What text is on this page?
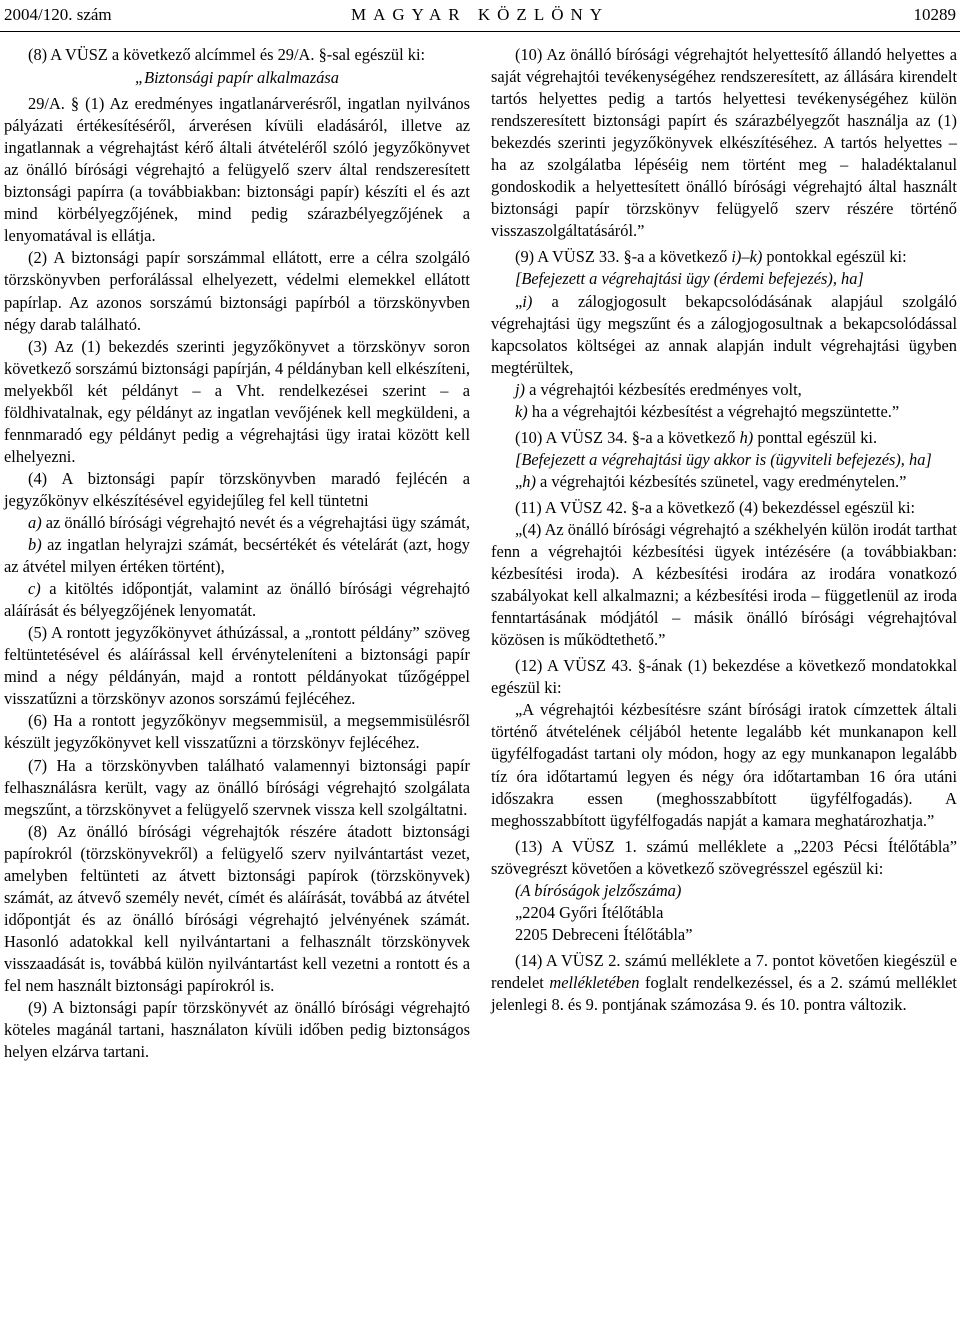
2004/120. szám	MAGYAR KÖZLÖNY	10289

(8) A VÜSZ a következő alcímmel és 29/A. §-sal egészül ki:

„Biztonsági papír alkalmazása

29/A. § (1) Az eredményes ingatlanárverésről, ingatlan nyilvános pályázati értékesítéséről, árverésen kívüli eladásáról, illetve az ingatlannak a végrehajtást kérő általi átvételéről szóló jegyzőkönyvet az önálló bírósági végrehajtó a felügyelő szerv által rendszeresített biztonsági papírra (a továbbiakban: biztonsági papír) készíti el és azt mind körbélyegzőjének, mind pedig szárazbélyegzőjének a lenyomatával is ellátja.

(2) A biztonsági papír sorszámmal ellátott, erre a célra szolgáló törzskönyvben perforálással elhelyezett, védelmi elemekkel ellátott papírlap. Az azonos sorszámú biztonsági papírból a törzskönyvben négy darab található.

(3) Az (1) bekezdés szerinti jegyzőkönyvet a törzskönyv soron következő sorszámú biztonsági papírján, 4 példányban kell elkészíteni, melyekből két példányt – a Vht. rendelkezései szerint – a földhivatalnak, egy példányt az ingatlan vevőjének kell megküldeni, a fennmaradó egy példányt pedig a végrehajtási ügy iratai között kell elhelyezni.

(4) A biztonsági papír törzskönyvben maradó fejlécén a jegyzőkönyv elkészítésével egyidejűleg fel kell tüntetni

a) az önálló bírósági végrehajtó nevét és a végrehajtási ügy számát,

b) az ingatlan helyrajzi számát, becsértékét és vételárát (azt, hogy az átvétel milyen értéken történt),

c) a kitöltés időpontját, valamint az önálló bírósági végrehajtó aláírását és bélyegzőjének lenyomatát.

(5) A rontott jegyzőkönyvet áthúzással, a „rontott példány” szöveg feltüntetésével és aláírással kell érvényteleníteni a biztonsági papír mind a négy példányán, majd a rontott példányokat tűzőgéppel visszatűzni a törzskönyv azonos sorszámú fejlécéhez.

(6) Ha a rontott jegyzőkönyv megsemmisül, a megsemmisülésről készült jegyzőkönyvet kell visszatűzni a törzskönyv fejlécéhez.

(7) Ha a törzskönyvben található valamennyi biztonsági papír felhasználásra került, vagy az önálló bírósági végrehajtó szolgálata megszűnt, a törzskönyvet a felügyelő szervnek vissza kell szolgáltatni.

(8) Az önálló bírósági végrehajtók részére átadott biztonsági papírokról (törzskönyvekről) a felügyelő szerv nyilvántartást vezet, amelyben feltünteti az átvett biztonsági papírok (törzskönyvek) számát, az átvevő személy nevét, címét és aláírását, továbbá az átvétel időpontját és az önálló bírósági végrehajtó jelvényének számát. Hasonló adatokkal kell nyilvántartani a felhasznált törzskönyvek visszaadását is, továbbá külön nyilvántartást kell vezetni a rontott és a fel nem használt biztonsági papírokról is.

(9) A biztonsági papír törzskönyvét az önálló bírósági végrehajtó köteles magánál tartani, használaton kívüli időben pedig biztonságos helyen elzárva tartani.

(10) Az önálló bírósági végrehajtót helyettesítő állandó helyettes a saját végrehajtói tevékenységéhez rendszeresített, az állására kirendelt tartós helyettes pedig a tartós helyettesi tevékenységéhez külön rendszeresített biztonsági papírt és szárazbélyegzőt használja az (1) bekezdés szerinti jegyzőkönyvek elkészítéséhez. A tartós helyettes – ha az szolgálatba lépéséig nem történt meg – haladéktalanul gondoskodik a helyettesített önálló bírósági végrehajtó által használt biztonsági papír törzskönyv felügyelő szerv részére történő visszaszolgáltatásáról.”

(9) A VÜSZ 33. §-a a következő i)–k) pontokkal egészül ki:

[Befejezett a végrehajtási ügy (érdemi befejezés), ha]

„i) a zálogjogosult bekapcsolódásának alapjául szolgáló végrehajtási ügy megszűnt és a zálogjogosultnak a bekapcsolódással kapcsolatos költségei az annak alapján indult végrehajtási ügyben megtérültek,

j) a végrehajtói kézbesítés eredményes volt,

k) ha a végrehajtói kézbesítést a végrehajtó megszüntette.”

(10) A VÜSZ 34. §-a a következő h) ponttal egészül ki.

[Befejezett a végrehajtási ügy akkor is (ügyviteli befejezés), ha]

„h) a végrehajtói kézbesítés szünetel, vagy eredménytelen.”

(11) A VÜSZ 42. §-a a következő (4) bekezdéssel egészül ki:

„(4) Az önálló bírósági végrehajtó a székhelyén külön irodát tarthat fenn a végrehajtói kézbesítési ügyek intézésére (a továbbiakban: kézbesítési iroda). A kézbesítési irodára az irodára vonatkozó szabályokat kell alkalmazni; a kézbesítési iroda – függetlenül az iroda fenntartásának módjától – másik önálló bírósági végrehajtóval közösen is működtethető.”

(12) A VÜSZ 43. §-ának (1) bekezdése a következő mondatokkal egészül ki:

„A végrehajtói kézbesítésre szánt bírósági iratok címzettek általi történő átvételének céljából hetente legalább két munkanapon kell ügyfélfogadást tartani oly módon, hogy az egy munkanapon legalább tíz óra időtartamú legyen és négy óra időtartamban 16 óra utáni időszakra essen (meghosszabbított ügyfélfogadás). A meghosszabbított ügyfélfogadás napját a kamara meghatározhatja.”

(13) A VÜSZ 1. számú melléklete a „2203 Pécsi Ítélőtábla” szövegrészt követően a következő szövegrésszel egészül ki:

(A bíróságok jelzőszáma)

„2204 Győri Ítélőtábla

2205 Debreceni Ítélőtábla”

(14) A VÜSZ 2. számú melléklete a 7. pontot követően kiegészül e rendelet mellékletében foglalt rendelkezéssel, és a 2. számú melléklet jelenlegi 8. és 9. pontjának számozása 9. és 10. pontra változik.
